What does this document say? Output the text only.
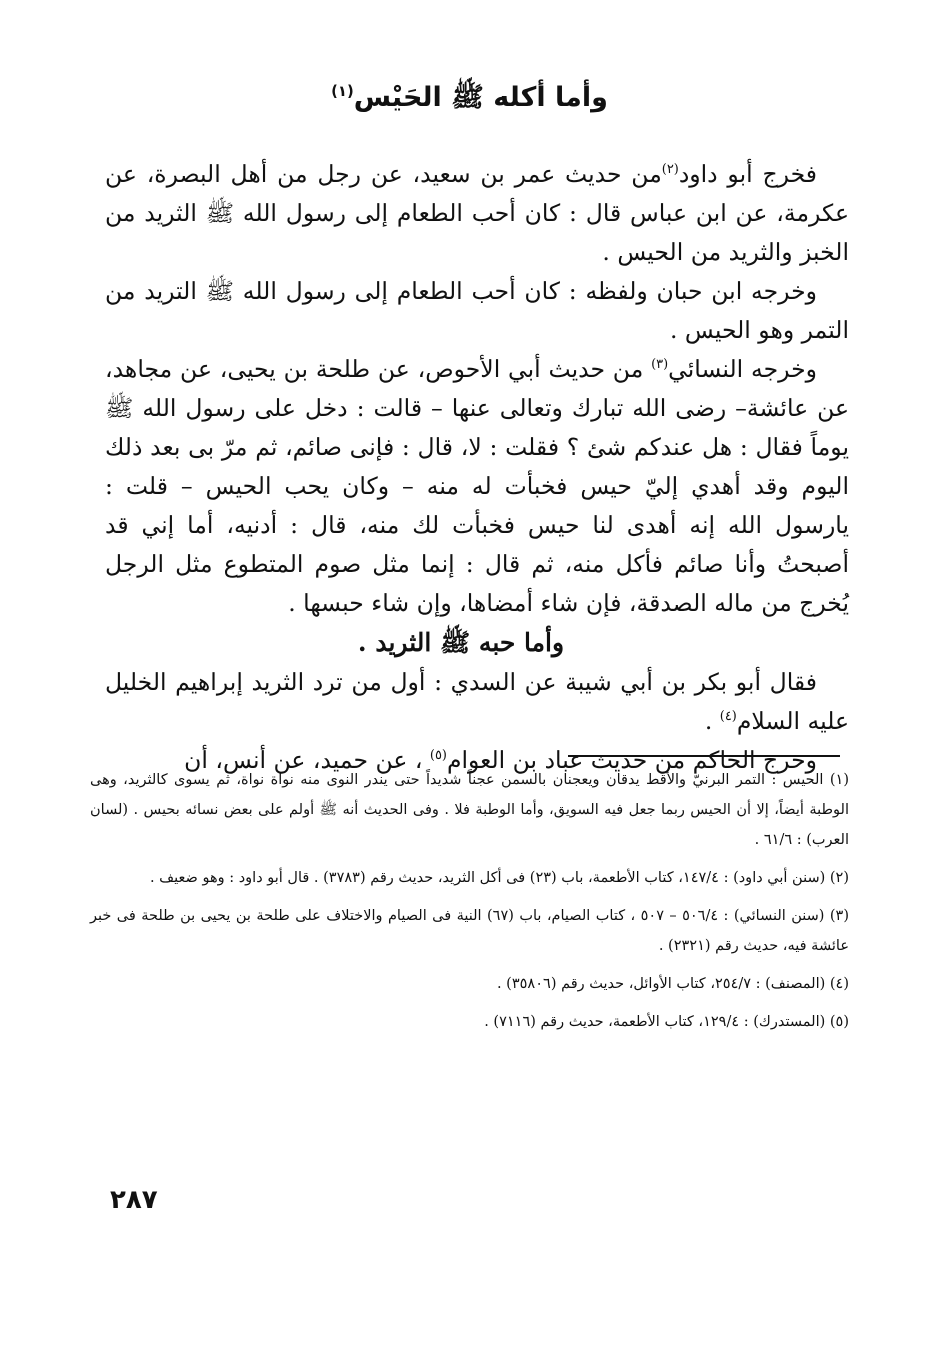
وأما أكله ﷺ الحَيْس$^{(١)}$

فخرج أبو داود$^{(٢)}$من حديث عمر بن سعيد، عن رجل من أهل البصرة، عن عكرمة، عن ابن عباس قال : كان أحب الطعام إلى رسول الله ﷺ الثريد من الخبز والثريد من الحيس .

وخرجه ابن حبان ولفظه : كان أحب الطعام إلى رسول الله ﷺ التريد من التمر وهو الحيس .

وخرجه النسائي$^{(٣)}$ من حديث أبي الأحوص، عن طلحة بن يحيى، عن مجاهد، عن عائشة– رضى الله تبارك وتعالى عنها – قالت : دخل على رسول الله ﷺ يوماً فقال : هل عندكم شئ ؟ فقلت : لا، قال : فإنى صائم، ثم مرّ بى بعد ذلك اليوم وقد أهدي إليّ حيس فخبأت له منه – وكان يحب الحيس – قلت : يارسول الله إنه أهدى لنا حيس فخبأت لك منه، قال : أدنيه، أما إني قد أصبحتُ وأنا صائم فأكل منه، ثم قال : إنما مثل صوم المتطوع مثل الرجل يُخرج من ماله الصدقة، فإن شاء أمضاها، وإن شاء حبسها .

وأما حبه ﷺ الثريد .

فقال أبو بكر بن أبي شيبة عن السدي : أول من ترد الثريد إبراهيم الخليل عليه السلام$^{(٤)}$ .

وخرج الحاكم من حديث عباد بن العوام$^{(٥)}$ ، عن حميد، عن أنس، أن

(١) الحيس : التمر البرنيّ والأقط يدقان ويعجنان بالسمن عجناً شديداً حتى يندر النوى منه نواة نواة، ثم يسوى كالثريد، وهى الوطبة أيضاً، إلا أن الحيس ربما جعل فيه السويق، وأما الوطبة فلا . وفى الحديث أنه ﷺ أولم على بعض نسائه بحيس . (لسان العرب) : ٦١/٦ .

(٢) (سنن أبي داود) : ١٤٧/٤، كتاب الأطعمة، باب (٢٣) فى أكل الثريد، حديث رقم (٣٧٨٣) . قال أبو داود : وهو ضعيف .

(٣) (سنن النسائي) : ٥٠٦/٤ – ٥٠٧ ، كتاب الصيام، باب (٦٧) النية فى الصيام والاختلاف على طلحة بن يحيى بن طلحة فى خبر عائشة فيه، حديث رقم (٢٣٢١) .

(٤) (المصنف) : ٢٥٤/٧، كتاب الأوائل، حديث رقم (٣٥٨٠٦) .

(٥) (المستدرك) : ١٢٩/٤، كتاب الأطعمة، حديث رقم (٧١١٦) .

٢٨٧
